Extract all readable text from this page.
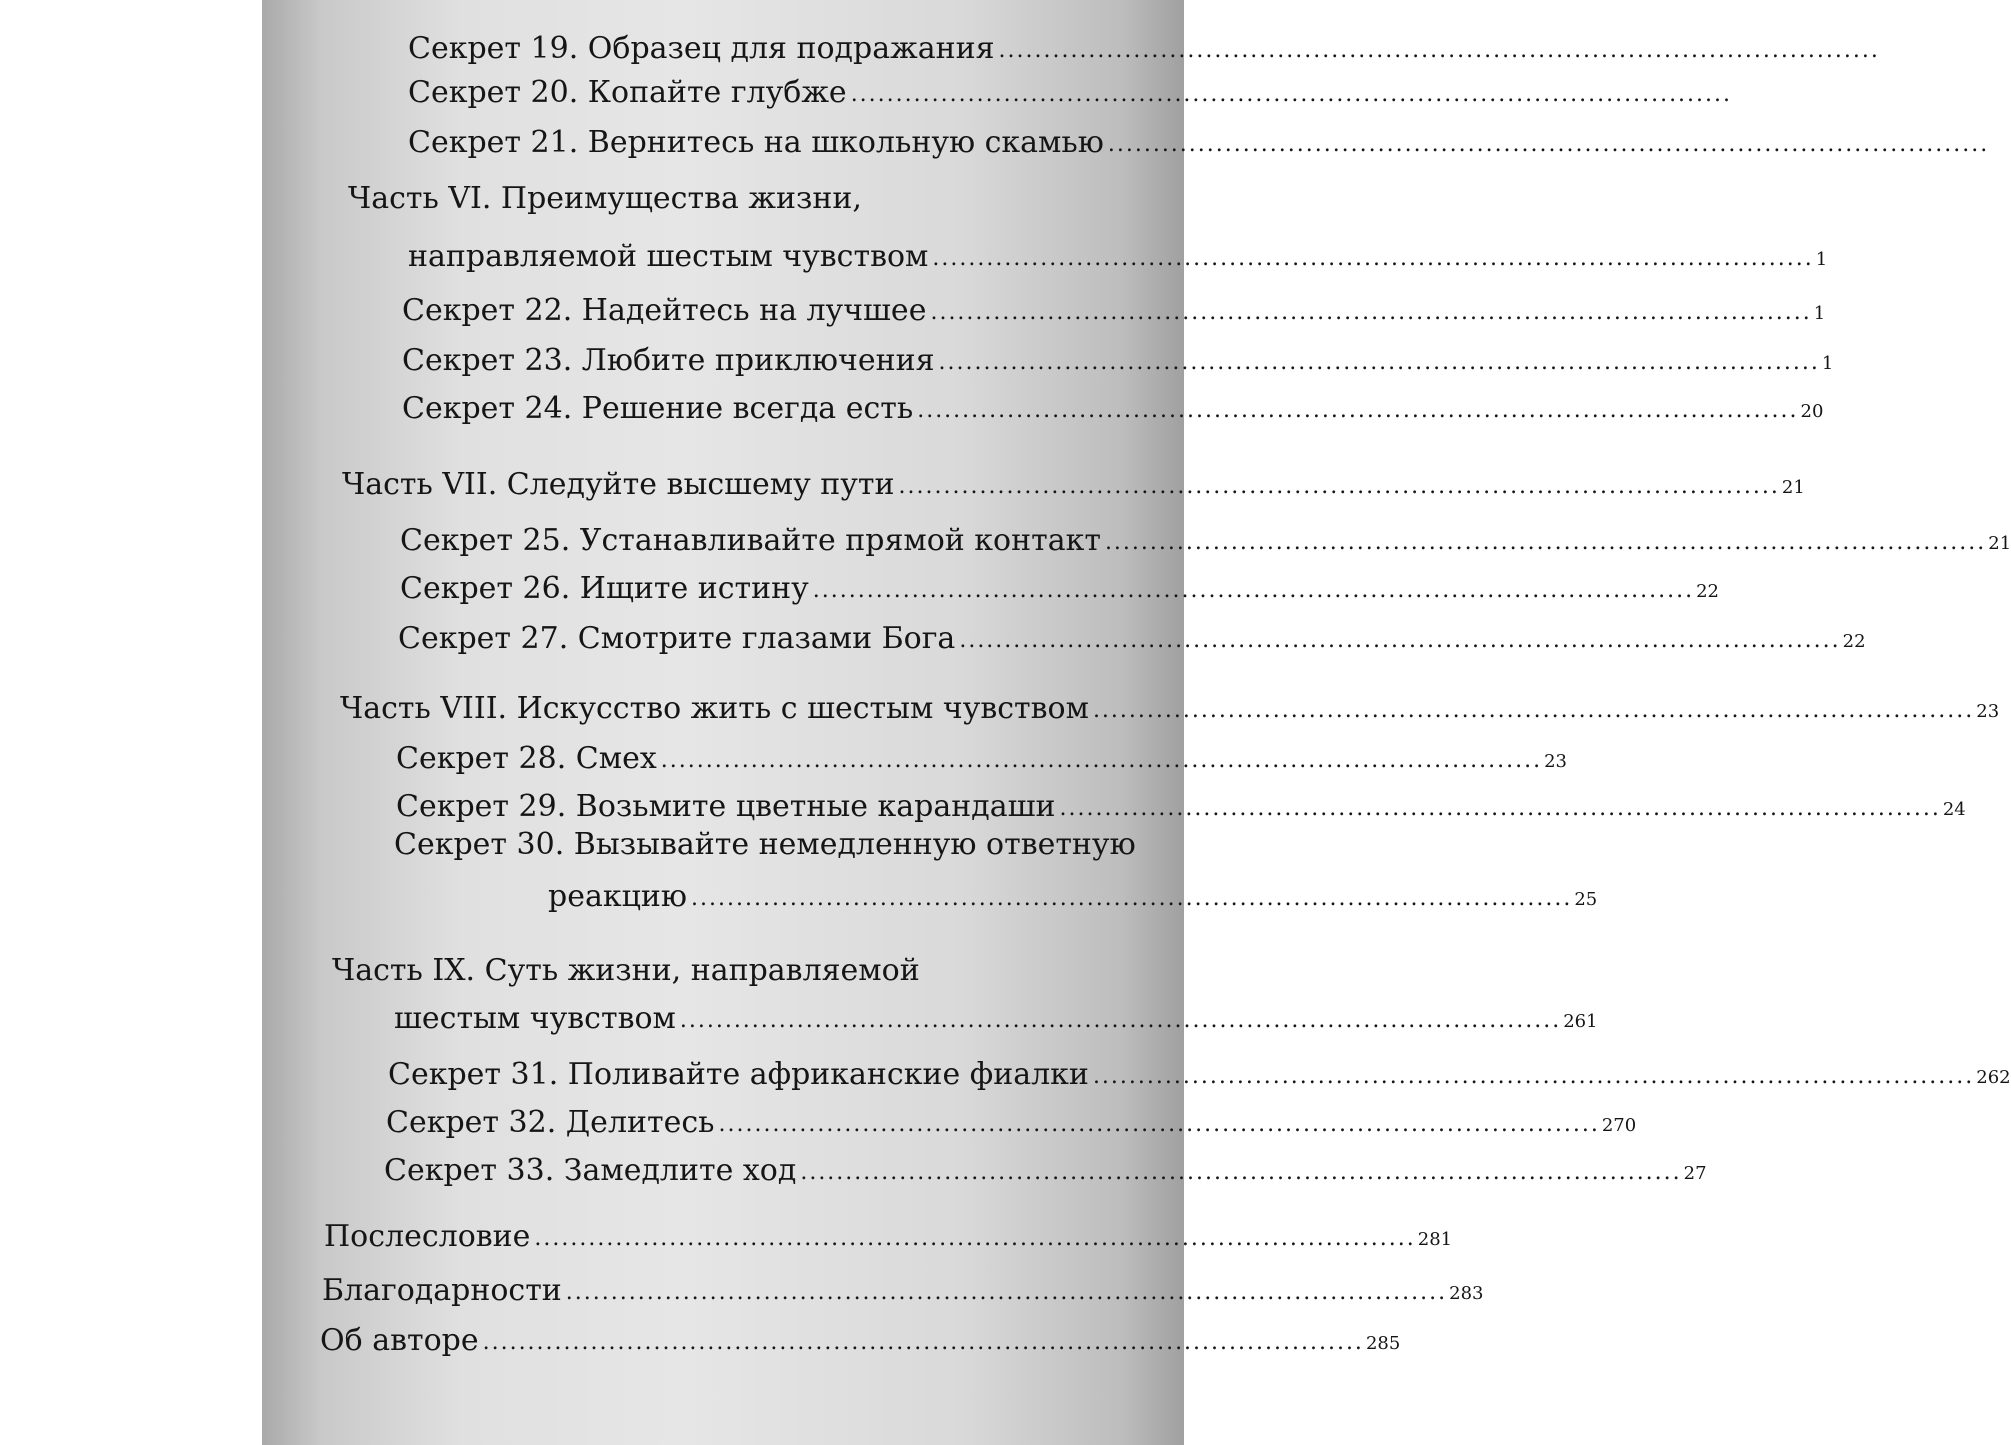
Секрет 19. Образец для подражания ..................................................................................................
Секрет 20. Копайте глубже ..................................................................................................
Секрет 21. Вернитесь на школьную скамью ..................................................................................................
Часть VI. Преимущества жизни,
направляемой шестым чувством .................................................................................................. 1
Секрет 22. Надейтесь на лучшее .................................................................................................. 1
Секрет 23. Любите приключения .................................................................................................. 1
Секрет 24. Решение всегда есть .................................................................................................. 20
Часть VII. Следуйте высшему пути .................................................................................................. 21
Секрет 25. Устанавливайте прямой контакт .................................................................................................. 21
Секрет 26. Ищите истину .................................................................................................. 22
Секрет 27. Смотрите глазами Бога .................................................................................................. 22
Часть VIII. Искусство жить с шестым чувством .................................................................................................. 23
Секрет 28. Смех .................................................................................................. 23
Секрет 29. Возьмите цветные карандаши .................................................................................................. 24
Секрет 30. Вызывайте немедленную ответную
реакцию .................................................................................................. 25
Часть IX. Суть жизни, направляемой
шестым чувством .................................................................................................. 261
Секрет 31. Поливайте африканские фиалки .................................................................................................. 262
Секрет 32. Делитесь .................................................................................................. 270
Секрет 33. Замедлите ход .................................................................................................. 27
Послесловие .................................................................................................. 281
Благодарности .................................................................................................. 283
Об авторе .................................................................................................. 285
